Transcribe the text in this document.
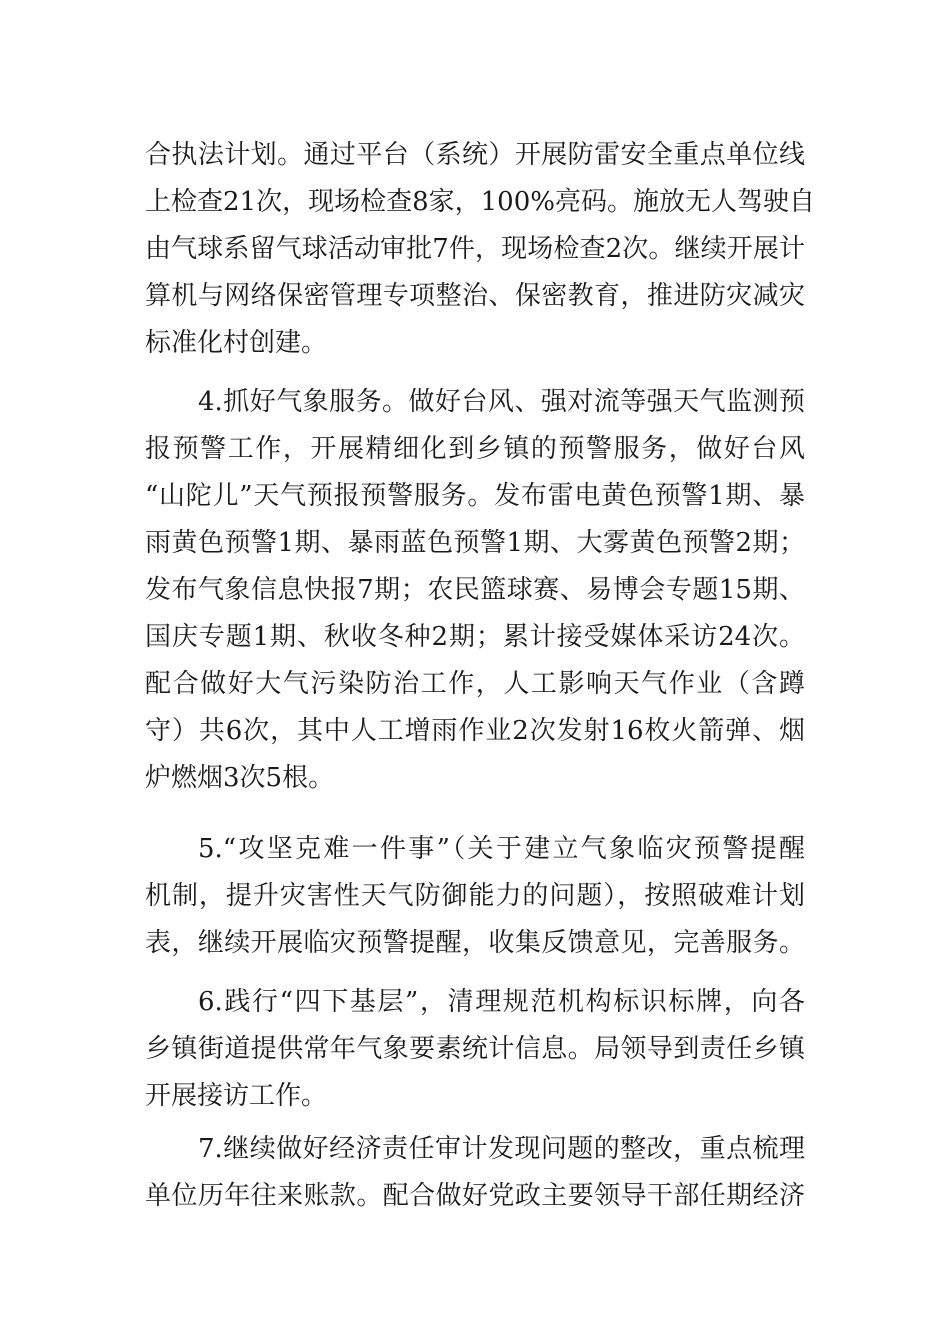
合执法计划。通过平台（系统）开展防雷安全重点单位线
上检查21次，现场检查8家，100%亮码。施放无人驾驶自
由气球系留气球活动审批7件，现场检查2次。继续开展计
算机与网络保密管理专项整治、保密教育，推进防灾减灾
标准化村创建。
4.抓好气象服务。做好台风、强对流等强天气监测预
报预警工作，开展精细化到乡镇的预警服务，做好台风
“山陀儿”天气预报预警服务。发布雷电黄色预警1期、暴
雨黄色预警1期、暴雨蓝色预警1期、大雾黄色预警2期；
发布气象信息快报7期；农民篮球赛、易博会专题15期、
国庆专题1期、秋收冬种2期；累计接受媒体采访24次。
配合做好大气污染防治工作，人工影响天气作业（含蹲
守）共6次，其中人工增雨作业2次发射16枚火箭弹、烟
炉燃烟3次5根。
5.“攻坚克难一件事”（关于建立气象临灾预警提醒
机制，提升灾害性天气防御能力的问题），按照破难计划
表，继续开展临灾预警提醒，收集反馈意见，完善服务。
6.践行“四下基层”，清理规范机构标识标牌，向各
乡镇街道提供常年气象要素统计信息。局领导到责任乡镇
开展接访工作。
7.继续做好经济责任审计发现问题的整改，重点梳理
单位历年往来账款。配合做好党政主要领导干部任期经济
